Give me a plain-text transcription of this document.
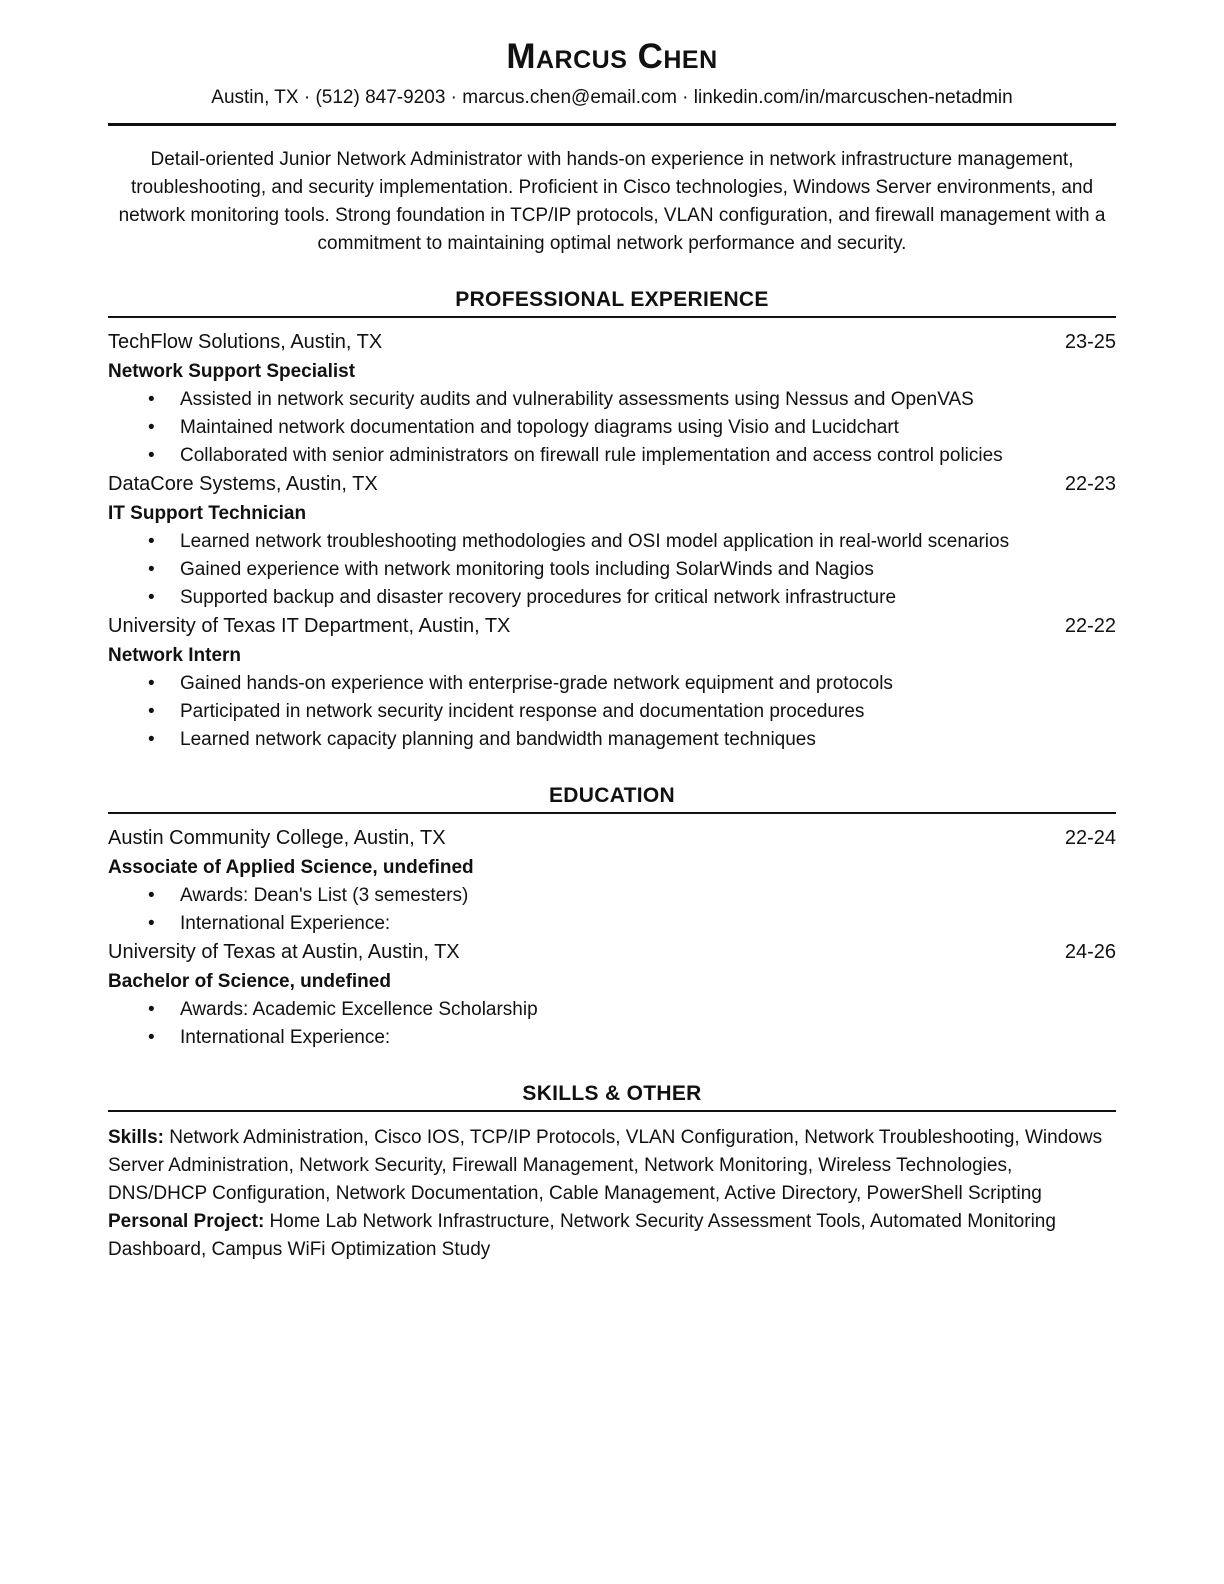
Marcus Chen
Austin, TX · (512) 847-9203 · marcus.chen@email.com · linkedin.com/in/marcuschen-netadmin
Detail-oriented Junior Network Administrator with hands-on experience in network infrastructure management, troubleshooting, and security implementation. Proficient in Cisco technologies, Windows Server environments, and network monitoring tools. Strong foundation in TCP/IP protocols, VLAN configuration, and firewall management with a commitment to maintaining optimal network performance and security.
PROFESSIONAL EXPERIENCE
TechFlow Solutions, Austin, TX	23-25
Network Support Specialist
•	Assisted in network security audits and vulnerability assessments using Nessus and OpenVAS
•	Maintained network documentation and topology diagrams using Visio and Lucidchart
•	Collaborated with senior administrators on firewall rule implementation and access control policies
DataCore Systems, Austin, TX	22-23
IT Support Technician
•	Learned network troubleshooting methodologies and OSI model application in real-world scenarios
•	Gained experience with network monitoring tools including SolarWinds and Nagios
•	Supported backup and disaster recovery procedures for critical network infrastructure
University of Texas IT Department, Austin, TX	22-22
Network Intern
•	Gained hands-on experience with enterprise-grade network equipment and protocols
•	Participated in network security incident response and documentation procedures
•	Learned network capacity planning and bandwidth management techniques
EDUCATION
Austin Community College, Austin, TX	22-24
Associate of Applied Science, undefined
•	Awards: Dean's List (3 semesters)
•	International Experience:
University of Texas at Austin, Austin, TX	24-26
Bachelor of Science, undefined
•	Awards: Academic Excellence Scholarship
•	International Experience:
SKILLS & OTHER

Skills: Network Administration, Cisco IOS, TCP/IP Protocols, VLAN Configuration, Network Troubleshooting, Windows Server Administration, Network Security, Firewall Management, Network Monitoring, Wireless Technologies, DNS/DHCP Configuration, Network Documentation, Cable Management, Active Directory, PowerShell Scripting

Personal Project: Home Lab Network Infrastructure, Network Security Assessment Tools, Automated Monitoring Dashboard, Campus WiFi Optimization Study
